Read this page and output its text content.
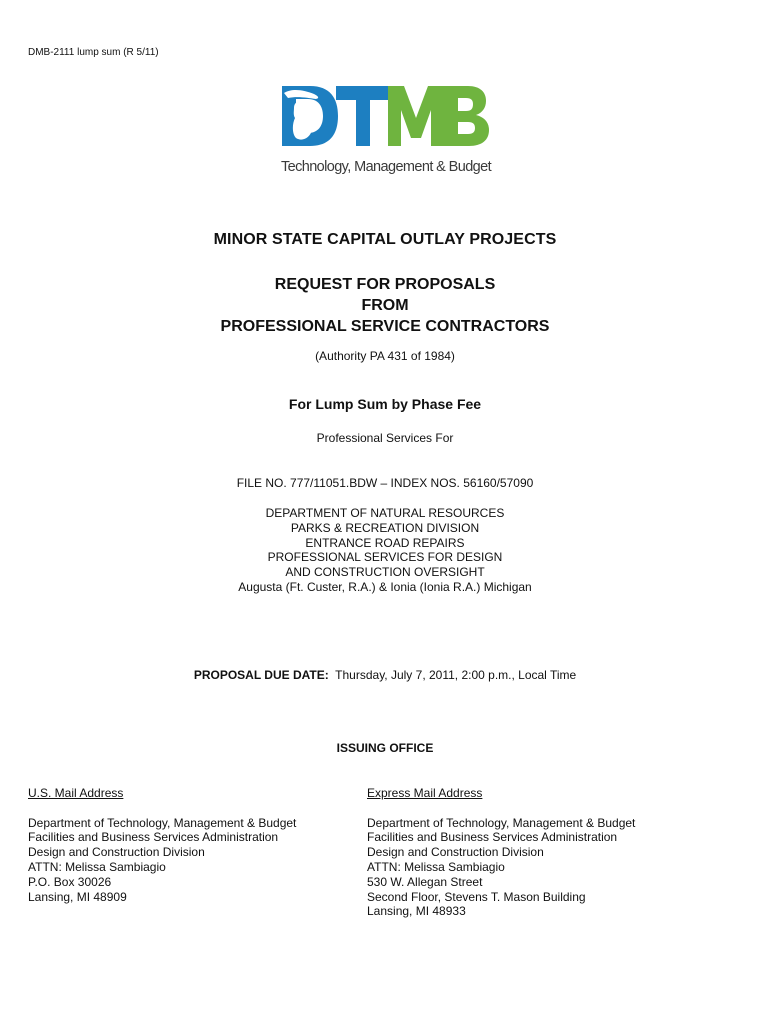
DMB-2111 lump sum (R 5/11)
Technology, Management & Budget
MINOR STATE CAPITAL OUTLAY PROJECTS
REQUEST FOR PROPOSALS
FROM
PROFESSIONAL SERVICE CONTRACTORS
(Authority PA 431 of 1984)
For Lump Sum by Phase Fee
Professional Services For
FILE NO. 777/11051.BDW – INDEX NOS. 56160/57090
DEPARTMENT OF NATURAL RESOURCES
PARKS & RECREATION DIVISION
ENTRANCE ROAD REPAIRS
PROFESSIONAL SERVICES FOR DESIGN
AND CONSTRUCTION OVERSIGHT
Augusta (Ft. Custer, R.A.) & Ionia (Ionia R.A.) Michigan
PROPOSAL DUE DATE: Thursday, July 7, 2011, 2:00 p.m., Local Time
ISSUING OFFICE
U.S. Mail Address
Department of Technology, Management & Budget
Facilities and Business Services Administration
Design and Construction Division
ATTN: Melissa Sambiagio
P.O. Box 30026
Lansing, MI 48909
Express Mail Address
Department of Technology, Management & Budget
Facilities and Business Services Administration
Design and Construction Division
ATTN: Melissa Sambiagio
530 W. Allegan Street
Second Floor, Stevens T. Mason Building
Lansing, MI 48933
